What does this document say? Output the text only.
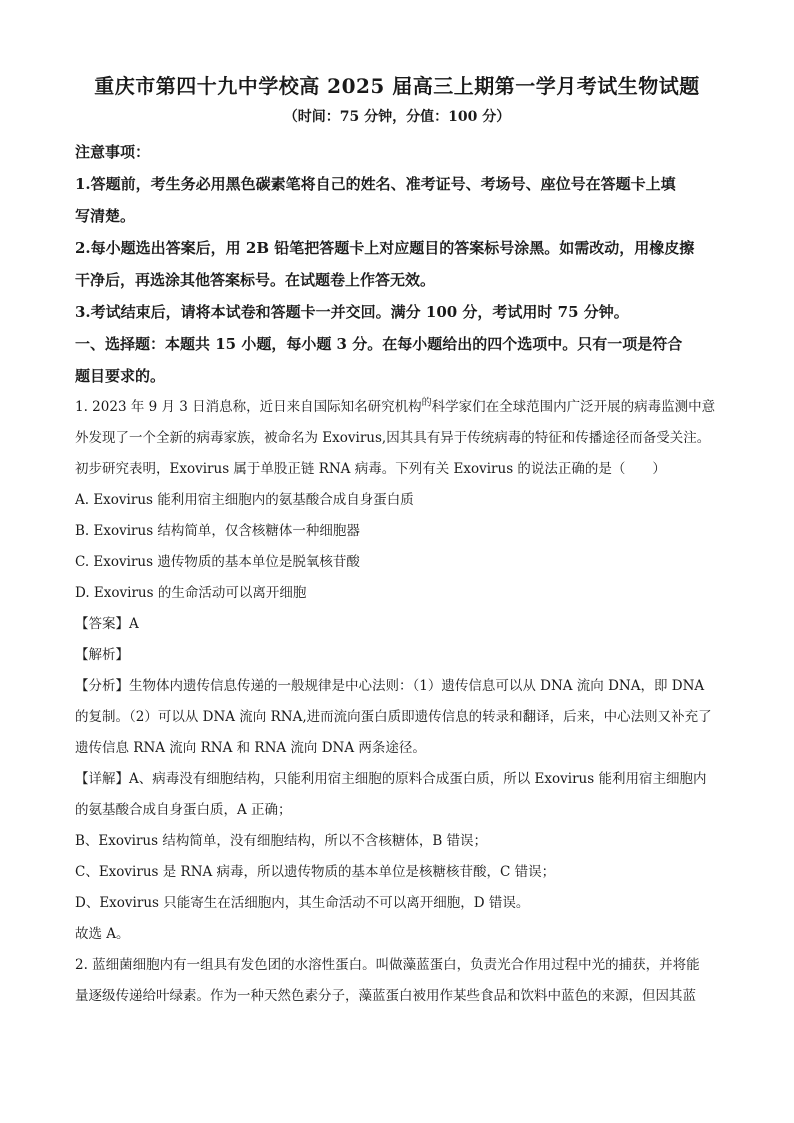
重庆市第四十九中学校高 2025 届高三上期第一学月考试生物试题
（时间：75 分钟，分值：100 分）
注意事项：
1.答题前，考生务必用黑色碳素笔将自己的姓名、准考证号、考场号、座位号在答题卡上填
写清楚。
2.每小题选出答案后，用 2B 铅笔把答题卡上对应题目的答案标号涂黑。如需改动，用橡皮擦
干净后，再选涂其他答案标号。在试题卷上作答无效。
3.考试结束后，请将本试卷和答题卡一并交回。满分 100 分，考试用时 75 分钟。
一、选择题：本题共 15 小题，每小题 3 分。在每小题给出的四个选项中。只有一项是符合
题目要求的。
1. 2023 年 9 月 3 日消息称，近日来自国际知名研究机构$^的$科学家们在全球范围内广泛开展的病毒监测中意
外发现了一个全新的病毒家族，被命名为 Exovirus,因其具有异于传统病毒的特征和传播途径而备受关注。
初步研究表明，Exovirus 属于单股正链 RNA 病毒。下列有关 Exovirus 的说法正确的是（　　）
A. Exovirus 能利用宿主细胞内的氨基酸合成自身蛋白质
B. Exovirus 结构简单，仅含核糖体一种细胞器
C. Exovirus 遗传物质的基本单位是脱氧核苷酸
D. Exovirus 的生命活动可以离开细胞
【答案】A
【解析】
【分析】生物体内遗传信息传递的一般规律是中心法则：（1）遗传信息可以从 DNA 流向 DNA，即 DNA
的复制。（2）可以从 DNA 流向 RNA,进而流向蛋白质即遗传信息的转录和翻译，后来，中心法则又补充了
遗传信息 RNA 流向 RNA 和 RNA 流向 DNA 两条途径。
【详解】A、病毒没有细胞结构，只能利用宿主细胞的原料合成蛋白质，所以 Exovirus 能利用宿主细胞内
的氨基酸合成自身蛋白质，A 正确；
B、Exovirus 结构简单，没有细胞结构，所以不含核糖体，B 错误；
C、Exovirus 是 RNA 病毒，所以遗传物质的基本单位是核糖核苷酸，C 错误；
D、Exovirus 只能寄生在活细胞内，其生命活动不可以离开细胞，D 错误。
故选 A。
2. 蓝细菌细胞内有一组具有发色团的水溶性蛋白。叫做藻蓝蛋白，负责光合作用过程中光的捕获，并将能
量逐级传递给叶绿素。作为一种天然色素分子，藻蓝蛋白被用作某些食品和饮料中蓝色的来源，但因其蓝
